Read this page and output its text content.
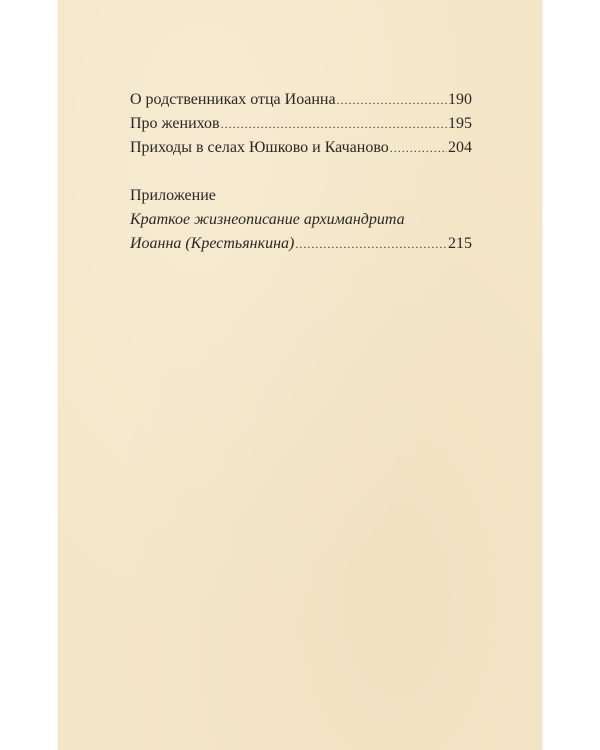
О родственниках отца Иоанна .....	190
Про женихов .....	195
Приходы в селах Юшково и Качаново .....	204
Приложение
Краткое жизнеописание архимандрита
Иоанна (Крестьянкина) .....	215
